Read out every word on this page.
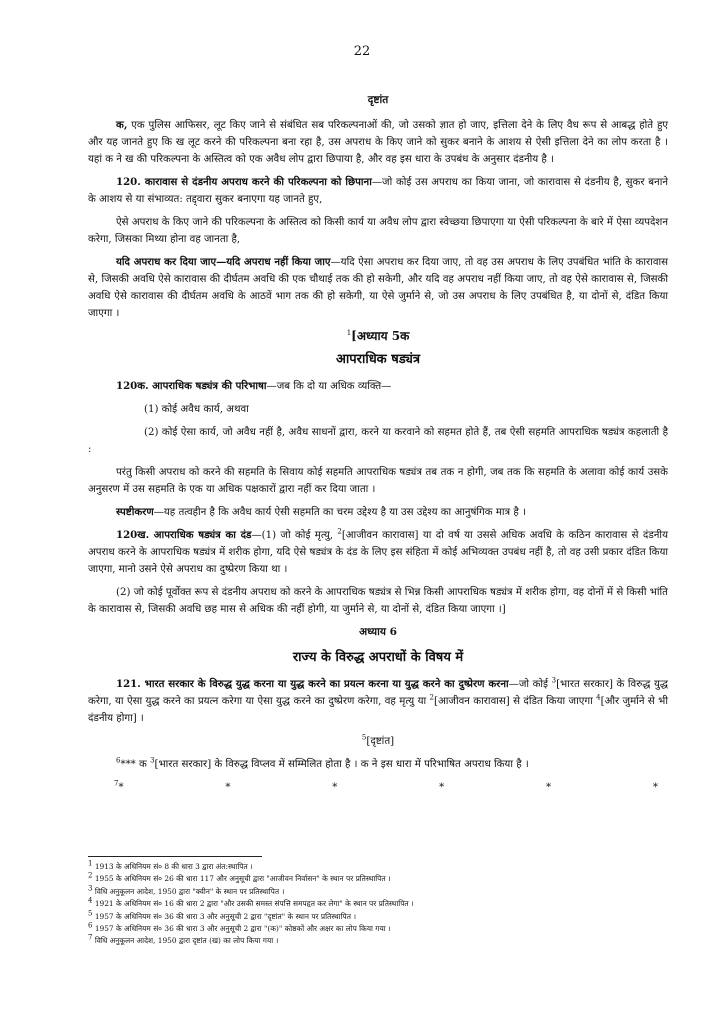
22
दृष्टांत

क, एक पुलिस आफिसर, लूट किए जाने से संबंधित सब परिकल्पनाओं की, जो उसको ज्ञात हो जाए, इत्तिला देने के लिए वैध रूप से आबद्ध होते हुए और यह जानते हुए कि ख लूट करने की परिकल्पना बना रहा है, उस अपराध के किए जाने को सुकर बनाने के आशय से ऐसी इत्तिला देने का लोप करता है । यहां क ने ख की परिकल्पना के अस्तित्व को एक अवैध लोप द्वारा छिपाया है, और वह इस धारा के उपबंध के अनुसार दंडनीय है ।

120. कारावास से दंडनीय अपराध करने की परिकल्पना को छिपाना—जो कोई उस अपराध का किया जाना, जो कारावास से दंडनीय है, सुकर बनाने के आशय से या संभाव्यत: तद्द्वारा सुकर बनाएगा यह जानते हुए,

ऐसे अपराध के किए जाने की परिकल्पना के अस्तित्व को किसी कार्य या अवैध लोप द्वारा स्वेच्छया छिपाएगा या ऐसी परिकल्पना के बारे में ऐसा व्यपदेशन करेगा, जिसका मिथ्या होना वह जानता है,

यदि अपराध कर दिया जाए—यदि अपराध नहीं किया जाए—यदि ऐसा अपराध कर दिया जाए, तो वह उस अपराध के लिए उपबंधित भांति के कारावास से, जिसकी अवधि ऐसे कारावास की दीर्घतम अवधि की एक चौथाई तक की हो सकेगी, और यदि वह अपराध नहीं किया जाए, तो वह ऐसे कारावास से, जिसकी अवधि ऐसे कारावास की दीर्घतम अवधि के आठवें भाग तक की हो सकेगी, या ऐसे जुर्माने से, जो उस अपराध के लिए उपबंधित है, या दोनों से, दंडित किया जाएगा ।

$^1$[अध्याय 5क
आपराधिक षड्यंत्र

120क. आपराधिक षड्यंत्र की परिभाषा—जब कि दो या अधिक व्यक्ति—

(1) कोई अवैध कार्य, अथवा

(2) कोई ऐसा कार्य, जो अवैध नहीं है, अवैध साधनों द्वारा, करने या करवाने को सहमत होते हैं, तब ऐसी सहमति आपराधिक षड्यंत्र कहलाती है :

परंतु किसी अपराध को करने की सहमति के सिवाय कोई सहमति आपराधिक षड्यंत्र तब तक न होगी, जब तक कि सहमति के अलावा कोई कार्य उसके अनुसरण में उस सहमति के एक या अधिक पक्षकारों द्वारा नहीं कर दिया जाता ।

स्पष्टीकरण—यह तत्वहीन है कि अवैध कार्य ऐसी सहमति का चरम उद्देश्य है या उस उद्देश्य का आनुषंगिक मात्र है ।

120ख. आपराधिक षड्यंत्र का दंड—(1) जो कोई मृत्यु, $^2$[आजीवन कारावास] या दो वर्ष या उससे अधिक अवधि के कठिन कारावास से दंडनीय अपराध करने के आपराधिक षड्यंत्र में शरीक होगा, यदि ऐसे षड्यंत्र के दंड के लिए इस संहिता में कोई अभिव्यक्त उपबंध नहीं है, तो वह उसी प्रकार दंडित किया जाएगा, मानो उसने ऐसे अपराध का दुष्प्रेरण किया था ।

(2) जो कोई पूर्वोक्त रूप से दंडनीय अपराध को करने के आपराधिक षड्यंत्र से भिन्न किसी आपराधिक षड्यंत्र में शरीक होगा, वह दोनों में से किसी भांति के कारावास से, जिसकी अवधि छह मास से अधिक की नहीं होगी, या जुर्माने से, या दोनों से, दंडित किया जाएगा ।]

अध्याय 6
राज्य के विरुद्ध अपराधों के विषय में

121. भारत सरकार के विरुद्ध युद्ध करना या युद्ध करने का प्रयत्न करना या युद्ध करने का दुष्प्रेरण करना—जो कोई $^3$[भारत सरकार] के विरुद्ध युद्ध करेगा, या ऐसा युद्ध करने का प्रयत्न करेगा या ऐसा युद्ध करने का दुष्प्रेरण करेगा, वह मृत्यु या $^2$[आजीवन कारावास] से दंडित किया जाएगा $^4$[और जुर्माने से भी दंडनीय होगा] ।

$^5$[दृष्टांत]

$^6$*** क $^3$[भारत सरकार] के विरुद्ध विप्लव में सम्मिलित होता है । क ने इस धारा में परिभाषित अपराध किया है ।

$^7$*	*	*	*	*	*

$^1$ 1913 के अधिनियम सं० 8 की धारा 3 द्वारा अंत:स्थापित ।

$^2$ 1955 के अधिनियम सं० 26 की धारा 117 और अनुसूची द्वारा "आजीवन निर्वासन" के स्थान पर प्रतिस्थापित ।

$^3$ विधि अनुकूलन आदेश, 1950 द्वारा "क्वीन" के स्थान पर प्रतिस्थापित ।

$^4$ 1921 के अधिनियम सं० 16 की धारा 2 द्वारा "और उसकी समस्त संपत्ति समपहृत कर लेगा" के स्थान पर प्रतिस्थापित ।

$^5$ 1957 के अधिनियम सं० 36 की धारा 3 और अनुसूची 2 द्वारा "दृष्टांत" के स्थान पर प्रतिस्थापित ।

$^6$ 1957 के अधिनियम सं० 36 की धारा 3 और अनुसूची 2 द्वारा "(क)" कोष्ठकों और अक्षर का लोप किया गया ।

$^7$ विधि अनुकूलन आदेश, 1950 द्वारा दृष्टांत (ख) का लोप किया गया ।
